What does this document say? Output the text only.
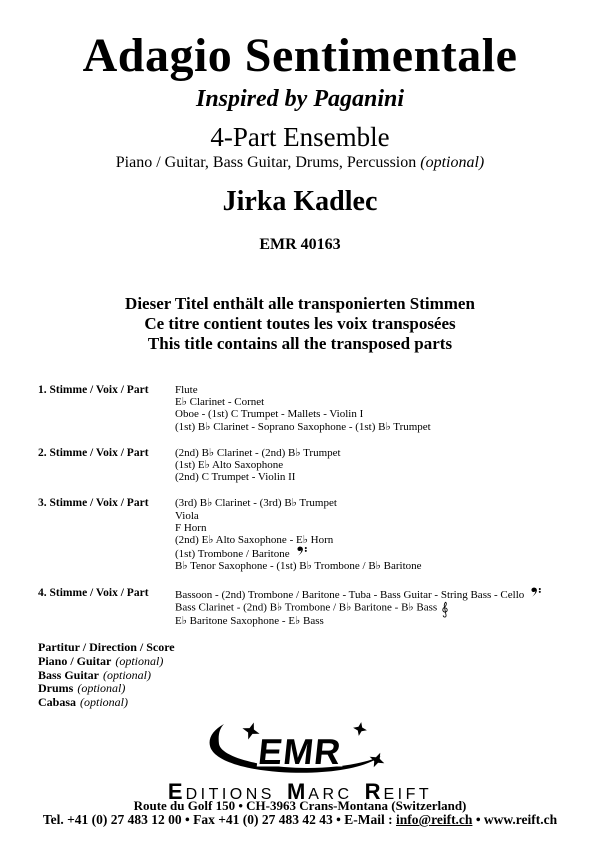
Adagio Sentimentale
Inspired by Paganini
4-Part Ensemble
Piano / Guitar, Bass Guitar, Drums, Percussion (optional)
Jirka Kadlec
EMR 40163
Dieser Titel enthält alle transponierten Stimmen
Ce titre contient toutes les voix transposées
This title contains all the transposed parts
1. Stimme / Voix / Part	Flute
E♭ Clarinet - Cornet
Oboe - (1st) C Trumpet - Mallets - Violin I
(1st) B♭ Clarinet - Soprano Saxophone - (1st) B♭ Trumpet
2. Stimme / Voix / Part	(2nd) B♭ Clarinet - (2nd) B♭ Trumpet
(1st) E♭ Alto Saxophone
(2nd) C Trumpet - Violin II
3. Stimme / Voix / Part	(3rd) B♭ Clarinet - (3rd) B♭ Trumpet
Viola
F Horn
(2nd) E♭ Alto Saxophone - E♭ Horn
(1st) Trombone / Baritone
B♭ Tenor Saxophone - (1st) B♭ Trombone / B♭ Baritone
4. Stimme / Voix / Part	Bassoon - (2nd) Trombone / Baritone - Tuba - Bass Guitar - String Bass - Cello
Bass Clarinet - (2nd) B♭ Trombone / B♭ Baritone - B♭ Bass
E♭ Baritone Saxophone - E♭ Bass
Partitur / Direction / Score
Piano / Guitar (optional)
Bass Guitar (optional)
Drums (optional)
Cabasa (optional)
EMR
EDITIONS MARC REIFT
Route du Golf 150 • CH-3963 Crans-Montana (Switzerland)
Tel. +41 (0) 27 483 12 00 • Fax +41 (0) 27 483 42 43 • E-Mail : info@reift.ch • www.reift.ch
